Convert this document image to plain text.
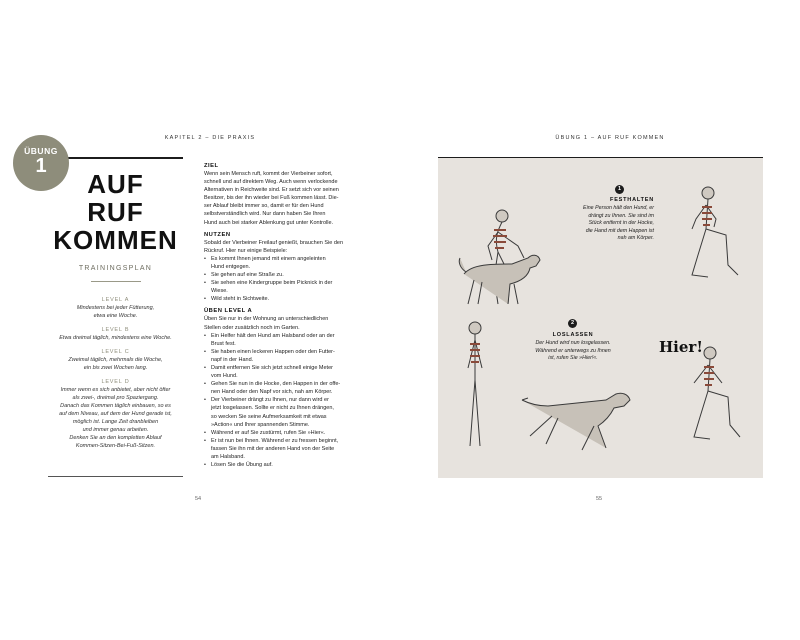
KAPITEL 2 – DIE PRAXIS
ÜBUNG
1
AUF
RUF
KOMMEN
TRAININGSPLAN
LEVEL A
Mindestens bei jeder Fütterung,
etwa eine Woche.
LEVEL B
Etwa dreimal täglich, mindestens eine Woche.
LEVEL C
Zweimal täglich, mehrmals die Woche,
ein bis zwei Wochen lang.
LEVEL D
Immer wenn es sich anbietet, aber nicht öfter
als zwei-, dreimal pro Spaziergang.
Danach das Kommen täglich einbauen, so es
auf dem Niveau, auf dem der Hund gerade ist,
möglich ist. Lange Zeit dranbleiben
und immer genau arbeiten.
Denken Sie an den kompletten Ablauf
Kommen-Sitzen-Bei-Fuß-Sitzen.
ZIEL

Wenn sein Mensch ruft, kommt der Vierbeiner sofort,

schnell und auf direktem Weg. Auch wenn verlockende

Alternativen in Reichweite sind. Er setzt sich vor seinen

Besitzer, bis der ihn wieder bei Fuß kommen lässt. Die-

ser Ablauf bleibt immer so, damit er für den Hund

selbstverständlich wird. Nur dann haben Sie Ihren

Hund auch bei starker Ablenkung gut unter Kontrolle.

NUTZEN

Sobald der Vierbeiner Freilauf genießt, brauchen Sie den

Rückruf. Hier nur einige Beispiele:

• Es kommt Ihnen jemand mit einem angeleinten
Hund entgegen.
• Sie gehen auf eine Straße zu.
• Sie sehen eine Kindergruppe beim Picknick in der
Wiese.
• Wild steht in Sichtweite.
ÜBEN LEVEL A

Üben Sie nur in der Wohnung an unterschiedlichen

Stellen oder zusätzlich noch im Garten.

• Ein Helfer hält den Hund am Halsband oder an der
Brust fest.
• Sie haben einen leckeren Happen oder den Futter-
napf in der Hand.
• Damit entfernen Sie sich jetzt schnell einige Meter
vom Hund.
• Gehen Sie nun in die Hocke, den Happen in der offe-
nen Hand oder den Napf vor sich, nah am Körper.
• Der Vierbeiner drängt zu Ihnen, nur dann wird er
jetzt losgelassen. Sollte er nicht zu Ihnen drängen,
so wecken Sie seine Aufmerksamkeit mit etwas
»Action« und Ihrer spannenden Stimme.
• Während er auf Sie zustürmt, rufen Sie »Hier«.
• Er ist nun bei Ihnen. Während er zu fressen beginnt,
fassen Sie ihn mit der anderen Hand von der Seite
am Halsband.
• Lösen Sie die Übung auf.
54
ÜBUNG 1 – AUF RUF KOMMEN
1
FESTHALTEN
Eine Person hält den Hund, er
drängt zu Ihnen. Sie sind im
Stück entfernt in der Hocke,
die Hand mit dem Happen ist
nah am Körper.
2
LOSLASSEN
Der Hund wird nun losgelassen.
Während er unterwegs zu Ihnen
ist, rufen Sie »Hier!«.
Hier!
55
